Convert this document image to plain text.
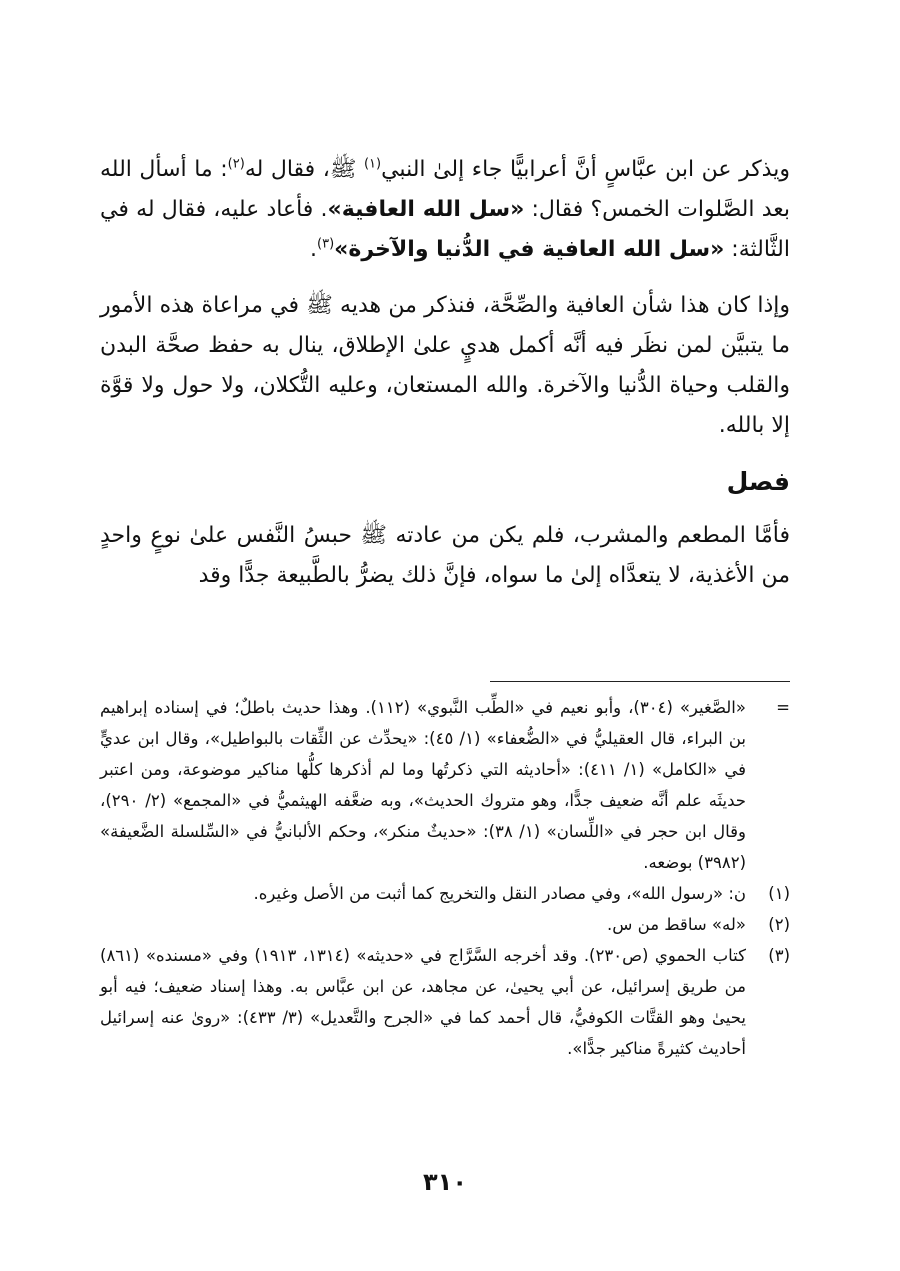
ويذكر عن ابن عبَّاسٍ أنَّ أعرابيًّا جاء إلىٰ النبي$^{(١)}$ ﷺ، فقال له$^{(٢)}$: ما أسأل الله بعد الصَّلوات الخمس؟ فقال: «سل الله العافية». فأعاد عليه، فقال له في الثَّالثة: «سل الله العافية في الدُّنيا والآخرة»$^{(٣)}$.

وإذا كان هذا شأن العافية والصِّحَّة، فنذكر من هديه ﷺ في مراعاة هذه الأمور ما يتبيَّن لمن نظَر فيه أنَّه أكمل هديٍ علىٰ الإطلاق، ينال به حفظ صحَّة البدن والقلب وحياة الدُّنيا والآخرة. والله المستعان، وعليه التُّكلان، ولا حول ولا قوَّة إلا بالله.

فصل

فأمَّا المطعم والمشرب، فلم يكن من عادته ﷺ حبسُ النَّفس علىٰ نوعٍ واحدٍ من الأغذية، لا يتعدَّاه إلىٰ ما سواه، فإنَّ ذلك يضرُّ بالطَّبيعة جدًّا وقد

=
«الصَّغير» (٣٠٤)، وأبو نعيم في «الطِّب النَّبوي» (١١٢). وهذا حديث باطلٌ؛ في إسناده إبراهيم بن البراء، قال العقيليُّ في «الضُّعفاء» (١/ ٤٥): «يحدِّث عن الثِّقات بالبواطيل»، وقال ابن عديٍّ في «الكامل» (١/ ٤١١): «أحاديثه التي ذكرتُها وما لم أذكرها كلُّها مناكير موضوعة، ومن اعتبر حديثَه علم أنَّه ضعيف جدًّا، وهو متروك الحديث»، وبه ضعَّفه الهيثميُّ في «المجمع» (٢/ ٢٩٠)، وقال ابن حجر في «اللِّسان» (١/ ٣٨): «حديثٌ منكر»، وحكم الألبانيُّ في «السِّلسلة الضَّعيفة» (٣٩٨٢) بوضعه.
(١)
ن: «رسول الله»، وفي مصادر النقل والتخريج كما أثبت من الأصل وغيره.
(٢)
«له» ساقط من س.
(٣)
كتاب الحموي (ص٢٣٠). وقد أخرجه السَّرَّاج في «حديثه» (١٣١٤، ١٩١٣) وفي «مسنده» (٨٦١) من طريق إسرائيل، عن أبي يحيىٰ، عن مجاهد، عن ابن عبَّاس به. وهذا إسناد ضعيف؛ فيه أبو يحيىٰ وهو القتَّات الكوفيُّ، قال أحمد كما في «الجرح والتَّعديل» (٣/ ٤٣٣): «روىٰ عنه إسرائيل أحاديث كثيرةً مناكير جدًّا».
٣١٠
